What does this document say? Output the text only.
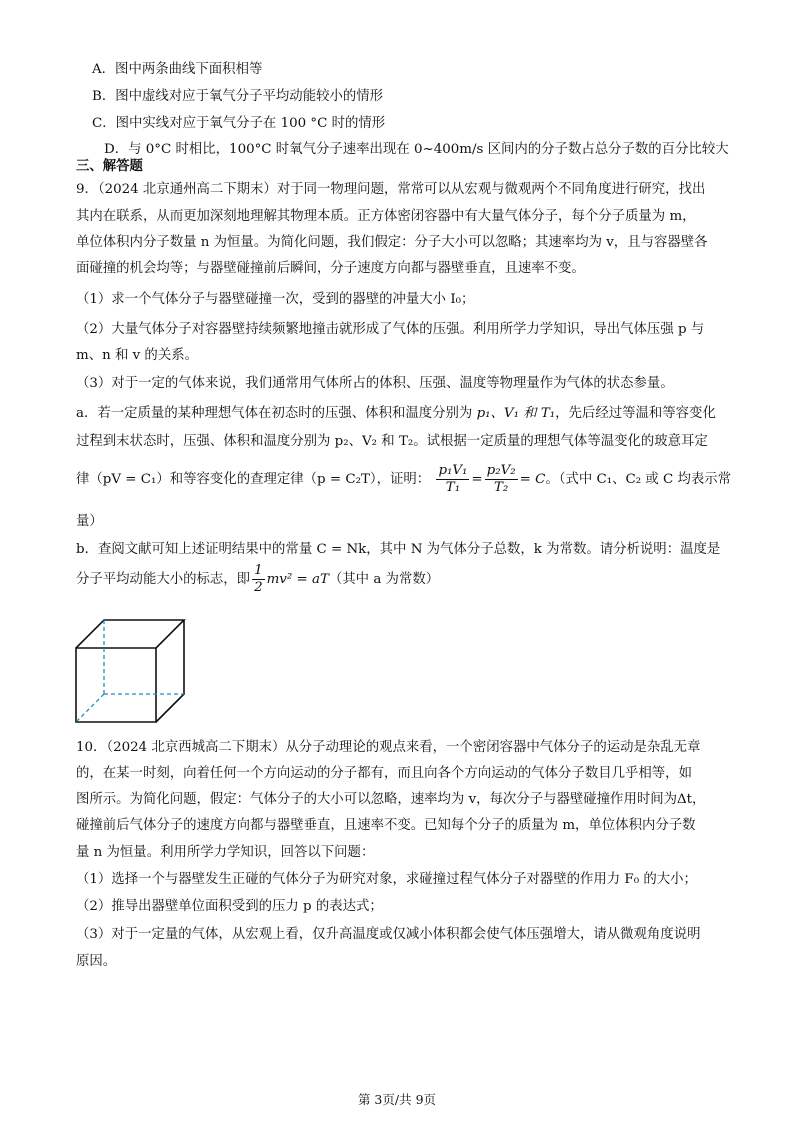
A．图中两条曲线下面积相等
B．图中虚线对应于氧气分子平均动能较小的情形
C．图中实线对应于氧气分子在 100 °C 时的情形
D．与 0°C 时相比，100°C 时氧气分子速率出现在 0~400m/s 区间内的分子数占总分子数的百分比较大
三、解答题
9．（2024 北京通州高二下期末）对于同一物理问题，常常可以从宏观与微观两个不同角度进行研究，找出
其内在联系，从而更加深刻地理解其物理本质。正方体密闭容器中有大量气体分子，每个分子质量为 m，
单位体积内分子数量 n 为恒量。为简化问题，我们假定：分子大小可以忽略；其速率均为 v，且与容器壁各
面碰撞的机会均等；与器壁碰撞前后瞬间，分子速度方向都与器壁垂直，且速率不变。
（1）求一个气体分子与器壁碰撞一次，受到的器壁的冲量大小 I₀；
（2）大量气体分子对容器壁持续频繁地撞击就形成了气体的压强。利用所学力学知识，导出气体压强 p 与
m、n 和 v 的关系。
（3）对于一定的气体来说，我们通常用气体所占的体积、压强、温度等物理量作为气体的状态参量。
a．若一定质量的某种理想气体在初态时的压强、体积和温度分别为 p₁、V₁ 和 T₁，先后经过等温和等容变化
过程到末状态时，压强、体积和温度分别为 p₂、V₂ 和 T₂。试根据一定质量的理想气体等温变化的玻意耳定
律（pV = C₁）和等容变化的查理定律（p = C₂T），证明： $\frac{\text{p₁V₁}}{\text{T₁}} = \frac{\text{p₂V₂}}{\text{T₂}} = C$。（式中 C₁、C₂ 或 C 均表示常
量）
b．查阅文献可知上述证明结果中的常量 C = Nk，其中 N 为气体分子总数，k 为常数。请分析说明：温度是
分子平均动能大小的标志，即 $\frac{1}{2} mv^2 = aT$（其中 a 为常数）
10．（2024 北京西城高二下期末）从分子动理论的观点来看，一个密闭容器中气体分子的运动是杂乱无章
的，在某一时刻，向着任何一个方向运动的分子都有，而且向各个方向运动的气体分子数目几乎相等，如
图所示。为简化问题，假定：气体分子的大小可以忽略，速率均为 v，每次分子与器壁碰撞作用时间为Δt，
碰撞前后气体分子的速度方向都与器壁垂直，且速率不变。已知每个分子的质量为 m，单位体积内分子数
量 n 为恒量。利用所学力学知识，回答以下问题：
（1）选择一个与器壁发生正碰的气体分子为研究对象，求碰撞过程气体分子对器壁的作用力 F₀ 的大小；
（2）推导出器壁单位面积受到的压力 p 的表达式；
（3）对于一定量的气体，从宏观上看，仅升高温度或仅减小体积都会使气体压强增大，请从微观角度说明
原因。
第 3页/共 9页
